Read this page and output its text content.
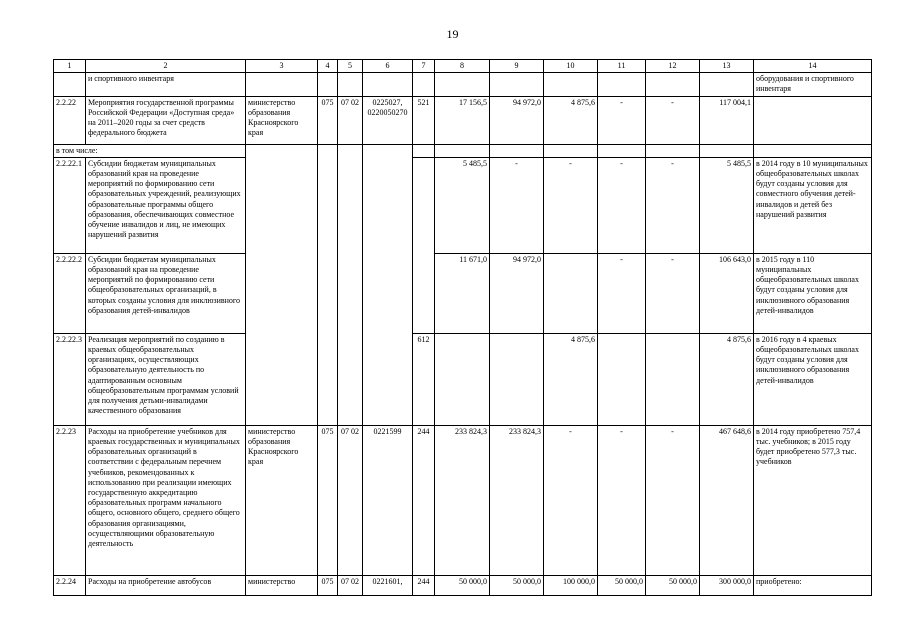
19
1	2	3	4	5	6	7	8	9	10	11	12	13	14
	и спортивного инвентаря												оборудования и спортивного инвентаря
2.2.22	Мероприятия государственной программы Российской Федерации «Доступная среда» на 2011–2020 годы за счет средств федерального бюджета	министерство образования Красноярского края	075	07 02	0225027, 0220050270	521	17 156,5	94 972,0	4 875,6	-	-	117 004,1	
в том числе:													
2.2.22.1	Субсидии бюджетам муниципальных образований края на проведение мероприятий по формированию сети образовательных учреждений, реализующих образовательные программы общего образования, обеспечивающих совместное обучение инвалидов и лиц, не имеющих нарушений развития						5 485,5	-	-	-	-	5 485,5	в 2014 году в 10 муниципальных общеобразовательных школах будут созданы условия для совместного обучения детей-инвалидов и детей без нарушений развития
2.2.22.2	Субсидии бюджетам муниципальных образований края на проведение мероприятий по формированию сети общеобразовательных организаций, в которых созданы условия для инклюзивного образования детей-инвалидов						11 671,0	94 972,0		-	-	106 643,0	в 2015 году в 110 муниципальных общеобразовательных школах будут созданы условия для инклюзивного образования детей-инвалидов
2.2.22.3	Реализация мероприятий по созданию в краевых общеобразовательных организациях, осуществляющих образовательную деятельность по адаптированным основным общеобразовательным программам условий для получения детьми-инвалидами качественного образования					612			4 875,6			4 875,6	в 2016 году в 4 краевых общеобразовательных школах будут созданы условия для инклюзивного образования детей-инвалидов
2.2.23	Расходы на приобретение учебников для краевых государственных и муниципальных образовательных организаций в соответствии с федеральным перечнем учебников, рекомендованных к использованию при реализации имеющих государственную аккредитацию образовательных программ начального общего, основного общего, среднего общего образования организациями, осуществляющими образовательную деятельность	министерство образования Красноярского края	075	07 02	0221599	244	233 824,3	233 824,3	-	-	-	467 648,6	в 2014 году приобретено 757,4 тыс. учебников; в 2015 году будет приобретено 577,3 тыс. учебников
2.2.24	Расходы на приобретение автобусов	министерство	075	07 02	0221601,	244	50 000,0	50 000,0	100 000,0	50 000,0	50 000,0	300 000,0	приобретено:
